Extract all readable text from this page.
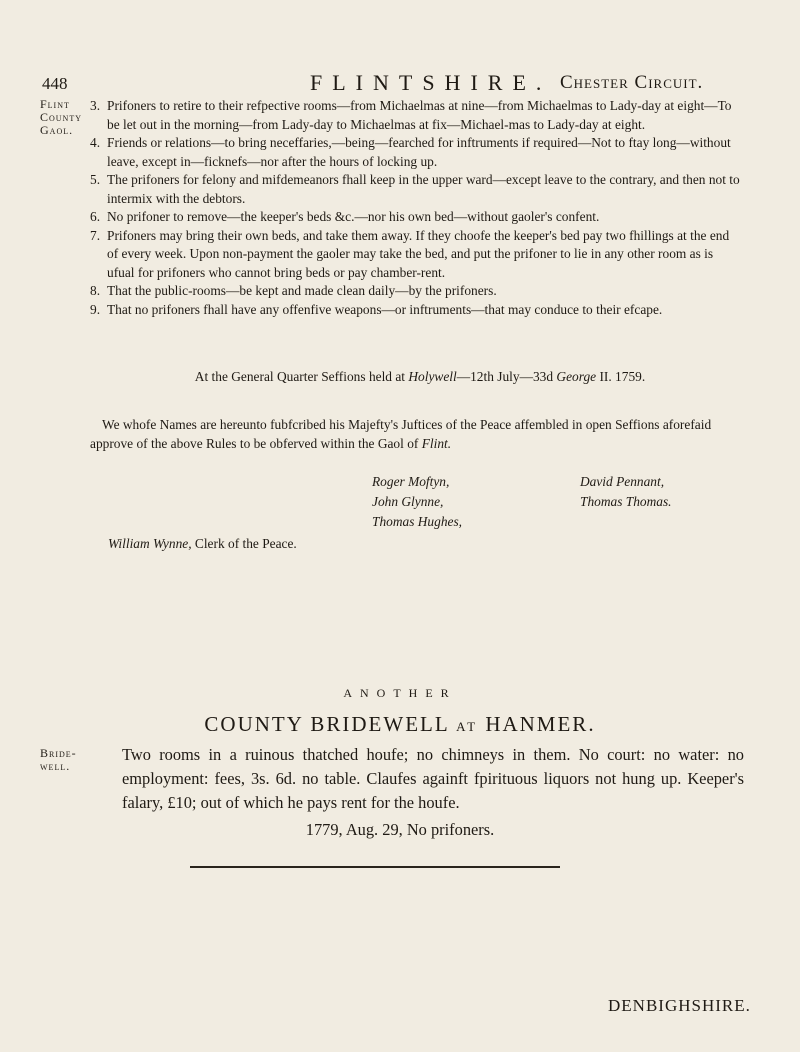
448	FLINTSHIRE. Chester Circuit.
Flint
County
Gaol.
3. Prifoners to retire to their refpective rooms—from Michaelmas at nine—from Michaelmas to Lady-day at eight—To be let out in the morning—from Lady-day to Michaelmas at fix—Michael-mas to Lady-day at eight.
4. Friends or relations—to bring neceffaries,—being—fearched for inftruments if required—Not to ftay long—without leave, except in—ficknefs—nor after the hours of locking up.
5. The prifoners for felony and mifdemeanors fhall keep in the upper ward—except leave to the contrary, and then not to intermix with the debtors.
6. No prifoner to remove—the keeper's beds &c.—nor his own bed—without gaoler's confent.
7. Prifoners may bring their own beds, and take them away. If they choofe the keeper's bed pay two fhillings at the end of every week. Upon non-payment the gaoler may take the bed, and put the prifoner to lie in any other room as is ufual for prifoners who cannot bring beds or pay chamber-rent.
8. That the public-rooms—be kept and made clean daily—by the prifoners.
9. That no prifoners fhall have any offenfive weapons—or inftruments—that may conduce to their efcape.
At the General Quarter Seffions held at Holywell—12th July—33d George II. 1759.
We whofe Names are hereunto fubfcribed his Majefty's Juftices of the Peace affembled in open Seffions aforefaid approve of the above Rules to be obferved within the Gaol of Flint.
Roger Moftyn,
John Glynne,
Thomas Hughes,
David Pennant,
Thomas Thomas.
William Wynne, Clerk of the Peace.
ANOTHER
COUNTY BRIDEWELL AT HANMER.
Bride-
well.
Two rooms in a ruinous thatched houfe; no chimneys in them. No court: no water: no employment: fees, 3s. 6d. no table. Claufes againft fpirituous liquors not hung up. Keeper's falary, £10; out of which he pays rent for the houfe.
1779, Aug. 29, No prifoners.
DENBIGHSHIRE.
